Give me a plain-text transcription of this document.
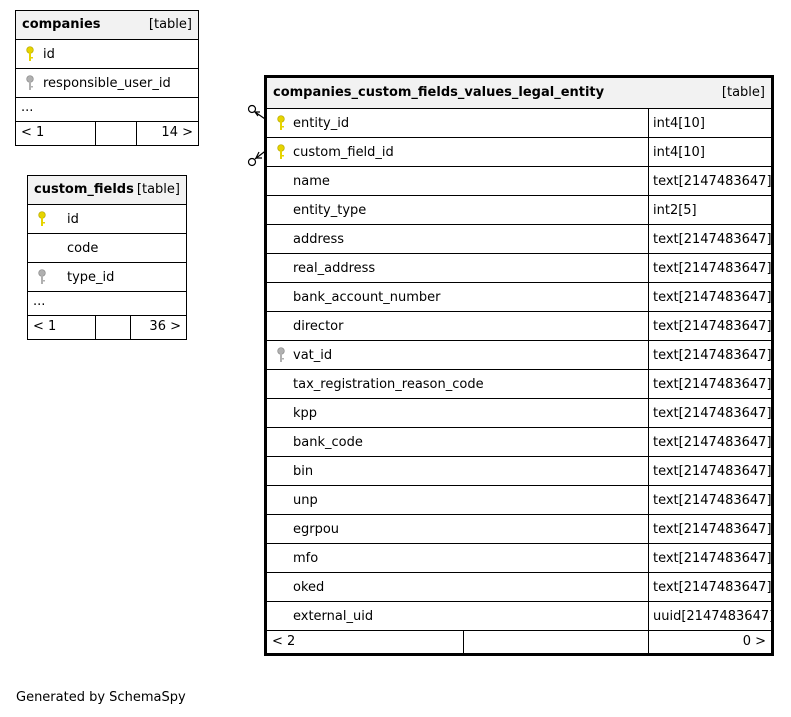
companies	[table]
id
responsible_user_id
...
< 1	14 >
custom_fields [table]
id
code
type_id
...
< 1	36 >
companies_custom_fields_values_legal_entity	[table]
entity_id	int4[10]
custom_field_id	int4[10]
name	text[2147483647]
entity_type	int2[5]
address	text[2147483647]
real_address	text[2147483647]
bank_account_number	text[2147483647]
director	text[2147483647]
vat_id	text[2147483647]
tax_registration_reason_code	text[2147483647]
kpp	text[2147483647]
bank_code	text[2147483647]
bin	text[2147483647]
unp	text[2147483647]
egrpou	text[2147483647]
mfo	text[2147483647]
oked	text[2147483647]
external_uid	uuid[2147483647]
< 2	0 >
Generated by SchemaSpy
